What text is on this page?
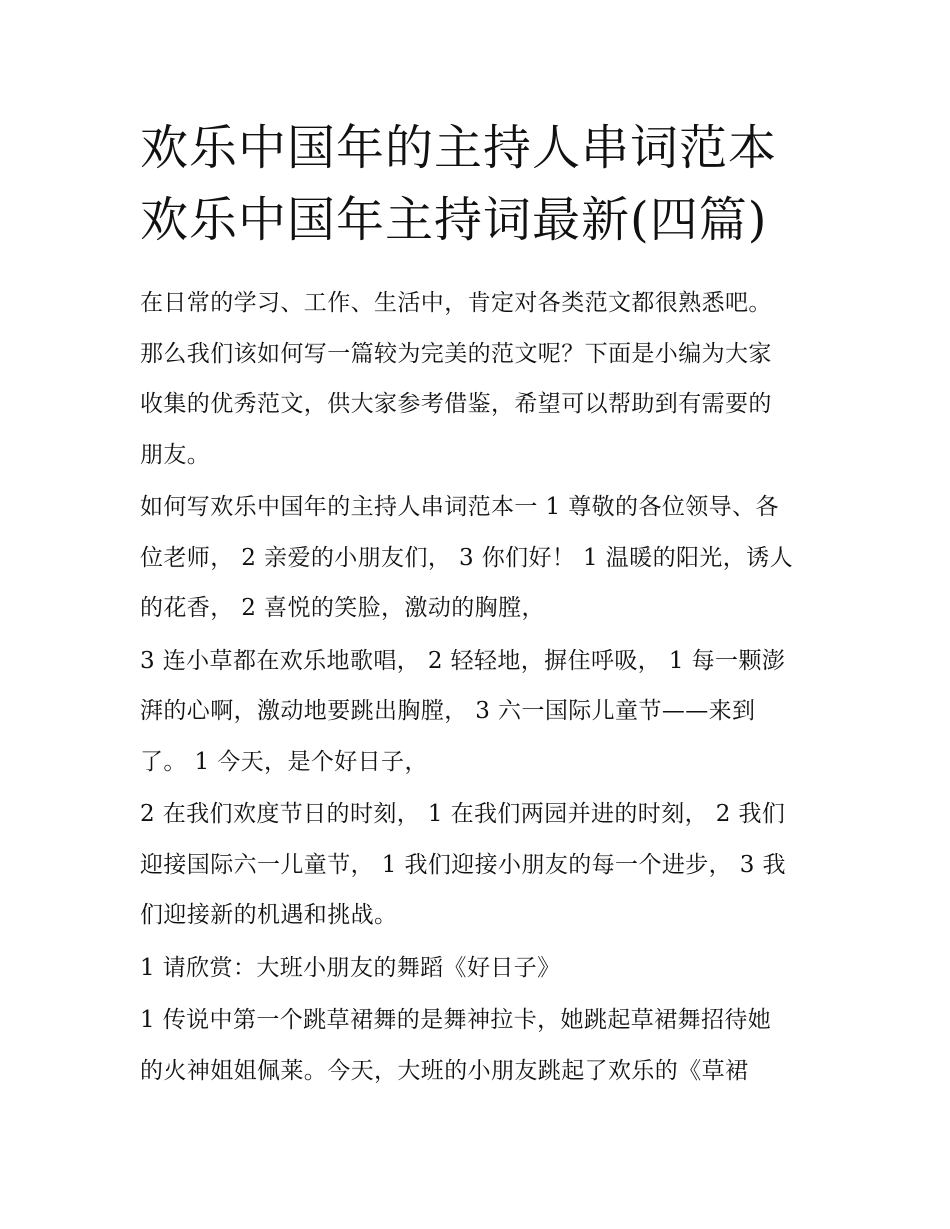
欢乐中国年的主持人串词范本
欢乐中国年主持词最新(四篇)

在日常的学习、工作、生活中，肯定对各类范文都很熟悉吧。
那么我们该如何写一篇较为完美的范文呢？下面是小编为大家
收集的优秀范文，供大家参考借鉴，希望可以帮助到有需要的
朋友。

如何写欢乐中国年的主持人串词范本一 1 尊敬的各位领导、各
位老师， 2 亲爱的小朋友们， 3 你们好！ 1 温暖的阳光，诱人
的花香， 2 喜悦的笑脸，激动的胸膛，

3 连小草都在欢乐地歌唱， 2 轻轻地，摒住呼吸， 1 每一颗澎
湃的心啊，激动地要跳出胸膛， 3 六一国际儿童节——来到
了。 1 今天，是个好日子，

2 在我们欢度节日的时刻， 1 在我们两园并进的时刻， 2 我们
迎接国际六一儿童节， 1 我们迎接小朋友的每一个进步， 3 我
们迎接新的机遇和挑战。

1 请欣赏：大班小朋友的舞蹈《好日子》

1 传说中第一个跳草裙舞的是舞神拉卡，她跳起草裙舞招待她
的火神姐姐佩莱。今天，大班的小朋友跳起了欢乐的《草裙
